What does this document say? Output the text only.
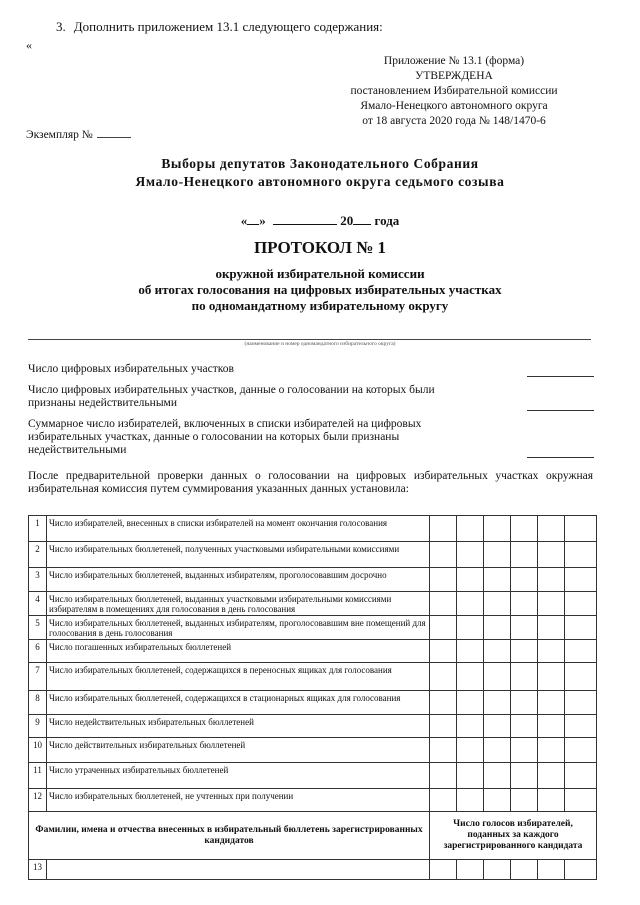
3. Дополнить приложением 13.1 следующего содержания:
«
Приложение № 13.1 (форма)
УТВЕРЖДЕНА
постановлением Избирательной комиссии
Ямало-Ненецкого автономного округа
от 18 августа 2020 года № 148/1470-6
Экземпляр №
Выборы депутатов Законодательного Собрания
Ямало-Ненецкого автономного округа седьмого созыва
« »	20 года
ПРОТОКОЛ № 1
окружной избирательной комиссии
об итогах голосования на цифровых избирательных участках
по одномандатному избирательному округу
(наименование и номер одномандатного избирательного округа)
Число цифровых избирательных участков
Число цифровых избирательных участков, данные о голосовании на которых были признаны недействительными
Суммарное число избирателей, включенных в списки избирателей на цифровых избирательных участках, данные о голосовании на которых были признаны недействительными
После предварительной проверки данных о голосовании на цифровых избирательных участках окружная избирательная комиссия путем суммирования указанных данных установила:
1	Число избирателей, внесенных в списки избирателей на момент окончания голосования						
2	Число избирательных бюллетеней, полученных участковыми избирательными комиссиями						
3	Число избирательных бюллетеней, выданных избирателям, проголосовавшим досрочно						
4	Число избирательных бюллетеней, выданных участковыми избирательными комиссиями избирателям в помещениях для голосования в день голосования						
5	Число избирательных бюллетеней, выданных избирателям, проголосовавшим вне помещений для голосования в день голосования						
6	Число погашенных избирательных бюллетеней						
7	Число избирательных бюллетеней, содержащихся в переносных ящиках для голосования						
8	Число избирательных бюллетеней, содержащихся в стационарных ящиках для голосования						
9	Число недействительных избирательных бюллетеней						
10	Число действительных избирательных бюллетеней						
11	Число утраченных избирательных бюллетеней						
12	Число избирательных бюллетеней, не учтенных при получении						
Фамилии, имена и отчества внесенных в избирательный бюллетень зарегистрированных кандидатов		Число голосов избирателей, поданных за каждого зарегистрированного кандидата					
13							
